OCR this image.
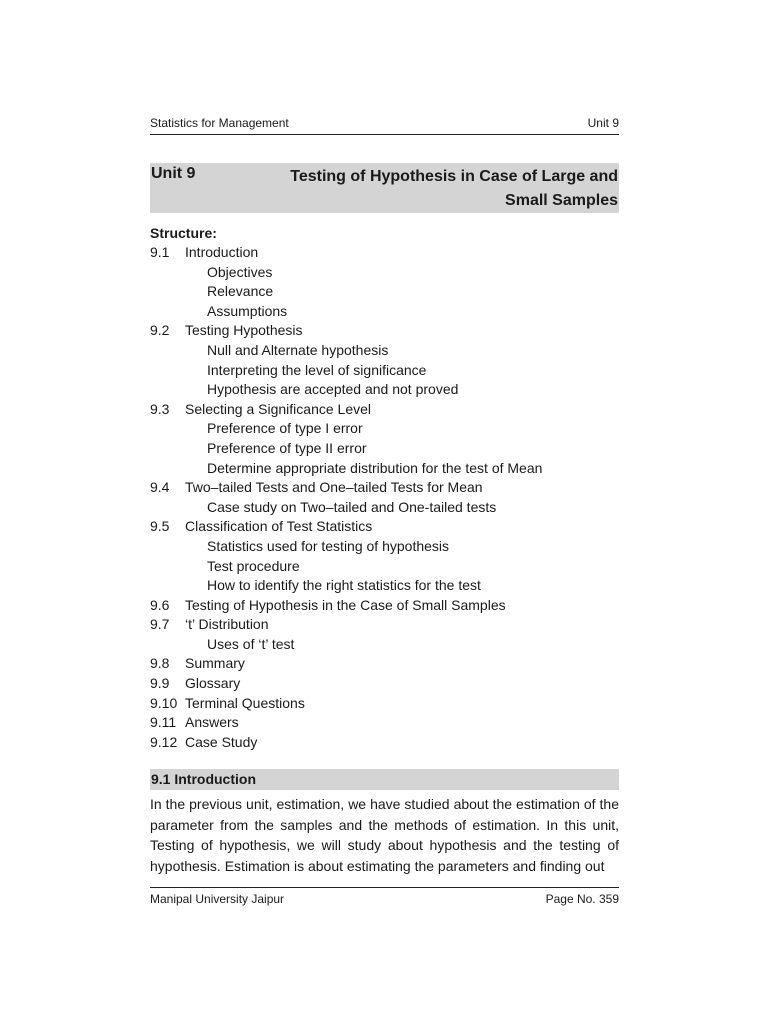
Statistics for Management	Unit 9
Unit 9	Testing of Hypothesis in Case of Large and Small Samples
Structure:
9.1 Introduction
Objectives
Relevance
Assumptions
9.2 Testing Hypothesis
Null and Alternate hypothesis
Interpreting the level of significance
Hypothesis are accepted and not proved
9.3 Selecting a Significance Level
Preference of type I error
Preference of type II error
Determine appropriate distribution for the test of Mean
9.4 Two–tailed Tests and One–tailed Tests for Mean
Case study on Two–tailed and One-tailed tests
9.5 Classification of Test Statistics
Statistics used for testing of hypothesis
Test procedure
How to identify the right statistics for the test
9.6 Testing of Hypothesis in the Case of Small Samples
9.7 ‘t’ Distribution
Uses of ‘t’ test
9.8 Summary
9.9 Glossary
9.10 Terminal Questions
9.11 Answers
9.12 Case Study
9.1 Introduction

In the previous unit, estimation, we have studied about the estimation of the parameter from the samples and the methods of estimation. In this unit, Testing of hypothesis, we will study about hypothesis and the testing of hypothesis. Estimation is about estimating the parameters and finding out

Manipal University Jaipur	Page No. 359
